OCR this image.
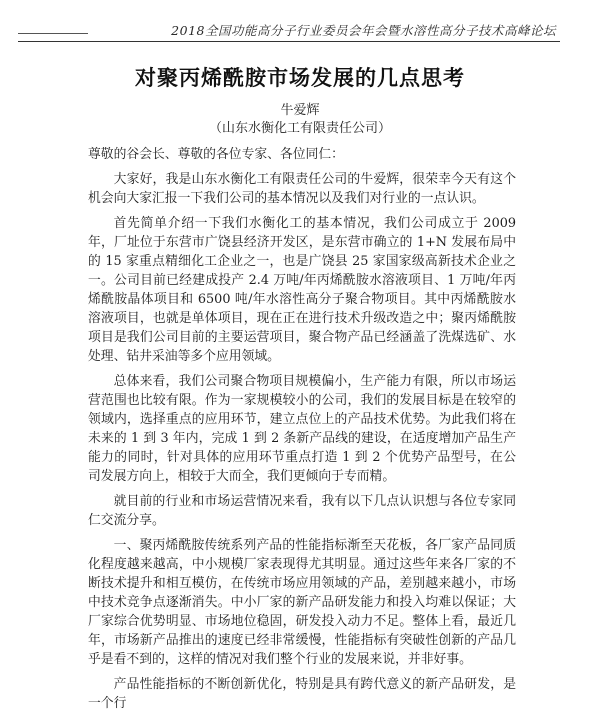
2018全国功能高分子行业委员会年会暨水溶性高分子技术高峰论坛
对聚丙烯酰胺市场发展的几点思考
牛爱辉
（山东水衡化工有限责任公司）

尊敬的谷会长、尊敬的各位专家、各位同仁：

大家好，我是山东水衡化工有限责任公司的牛爱辉，很荣幸今天有这个机会向大家汇报一下我们公司的基本情况以及我们对行业的一点认识。

首先简单介绍一下我们水衡化工的基本情况，我们公司成立于 2009 年，厂址位于东营市广饶县经济开发区，是东营市确立的 1+N 发展布局中的 15 家重点精细化工企业之一，也是广饶县 25 家国家级高新技术企业之一。公司目前已经建成投产 2.4 万吨/年丙烯酰胺水溶液项目、1 万吨/年丙烯酰胺晶体项目和 6500 吨/年水溶性高分子聚合物项目。其中丙烯酰胺水溶液项目，也就是单体项目，现在正在进行技术升级改造之中；聚丙烯酰胺项目是我们公司目前的主要运营项目，聚合物产品已经涵盖了洗煤选矿、水处理、钻井采油等多个应用领域。

总体来看，我们公司聚合物项目规模偏小，生产能力有限，所以市场运营范围也比较有限。作为一家规模较小的公司，我们的发展目标是在较窄的领域内，选择重点的应用环节，建立点位上的产品技术优势。为此我们将在未来的 1 到 3 年内，完成 1 到 2 条新产品线的建设，在适度增加产品生产能力的同时，针对具体的应用环节重点打造 1 到 2 个优势产品型号，在公司发展方向上，相较于大而全，我们更倾向于专而精。

就目前的行业和市场运营情况来看，我有以下几点认识想与各位专家同仁交流分享。

一、聚丙烯酰胺传统系列产品的性能指标渐至天花板，各厂家产品同质化程度越来越高，中小规模厂家表现得尤其明显。通过这些年来各厂家的不断技术提升和相互模仿，在传统市场应用领域的产品，差别越来越小，市场中技术竞争点逐渐消失。中小厂家的新产品研发能力和投入均难以保证；大厂家综合优势明显、市场地位稳固，研发投入动力不足。整体上看，最近几年，市场新产品推出的速度已经非常缓慢，性能指标有突破性创新的产品几乎是看不到的，这样的情况对我们整个行业的发展来说，并非好事。

产品性能指标的不断创新优化，特别是具有跨代意义的新产品研发，是一个行
